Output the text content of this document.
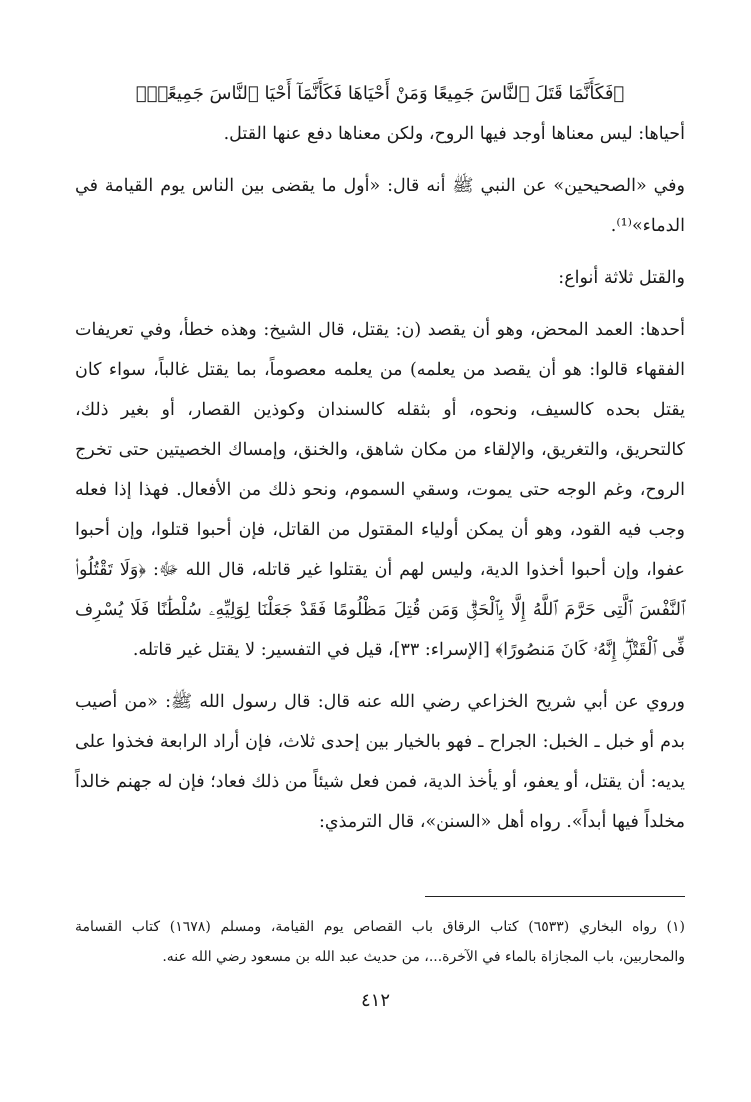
﴿فَكَأَنَّمَا قَتَلَ ٱلنَّاسَ جَمِيعًا وَمَنْ أَحْيَاهَا فَكَأَنَّمَآ أَحْيَا ٱلنَّاسَ جَمِيعًاۚ﴾

أحياها: ليس معناها أوجد فيها الروح، ولكن معناها دفع عنها القتل.

وفي «الصحيحين» عن النبي ﷺ أنه قال: «أول ما يقضى بين الناس يوم القيامة في الدماء»⁽¹⁾.

والقتل ثلاثة أنواع:

أحدها: العمد المحض، وهو أن يقصد (ن: يقتل، قال الشيخ: وهذه خطأ، وفي تعريفات الفقهاء قالوا: هو أن يقصد من يعلمه) من يعلمه معصوماً، بما يقتل غالباً، سواء كان يقتل بحده كالسيف، ونحوه، أو بثقله كالسندان وكوذين القصار، أو بغير ذلك، كالتحريق، والتغريق، والإلقاء من مكان شاهق، والخنق، وإمساك الخصيتين حتى تخرج الروح، وغم الوجه حتى يموت، وسقي السموم، ونحو ذلك من الأفعال. فهذا إذا فعله وجب فيه القود، وهو أن يمكن أولياء المقتول من القاتل، فإن أحبوا قتلوا، وإن أحبوا عفوا، وإن أحبوا أخذوا الدية، وليس لهم أن يقتلوا غير قاتله، قال الله ﷻ: ﴿وَلَا تَقْتُلُوا۟ ٱلنَّفْسَ ٱلَّتِى حَرَّمَ ٱللَّهُ إِلَّا بِٱلْحَقِّۗ وَمَن قُتِلَ مَظْلُومًا فَقَدْ جَعَلْنَا لِوَلِيِّهِۦ سُلْطَٰنًا فَلَا يُسْرِف فِّى ٱلْقَتْلِۖ إِنَّهُۥ كَانَ مَنصُورًا﴾ [الإسراء: ٣٣]، قيل في التفسير: لا يقتل غير قاتله.

وروي عن أبي شريح الخزاعي رضي الله عنه قال: قال رسول الله ﷺ: «من أصيب بدم أو خبل ـ الخبل: الجراح ـ فهو بالخيار بين إحدى ثلاث، فإن أراد الرابعة فخذوا على يديه: أن يقتل، أو يعفو، أو يأخذ الدية، فمن فعل شيئاً من ذلك فعاد؛ فإن له جهنم خالداً مخلداً فيها أبداً». رواه أهل «السنن»، قال الترمذي:

(١) رواه البخاري (٦٥٣٣) كتاب الرقاق باب القصاص يوم القيامة، ومسلم (١٦٧٨) كتاب القسامة والمحاربين، باب المجازاة بالماء في الآخرة...، من حديث عبد الله بن مسعود رضي الله عنه.

٤١٢
